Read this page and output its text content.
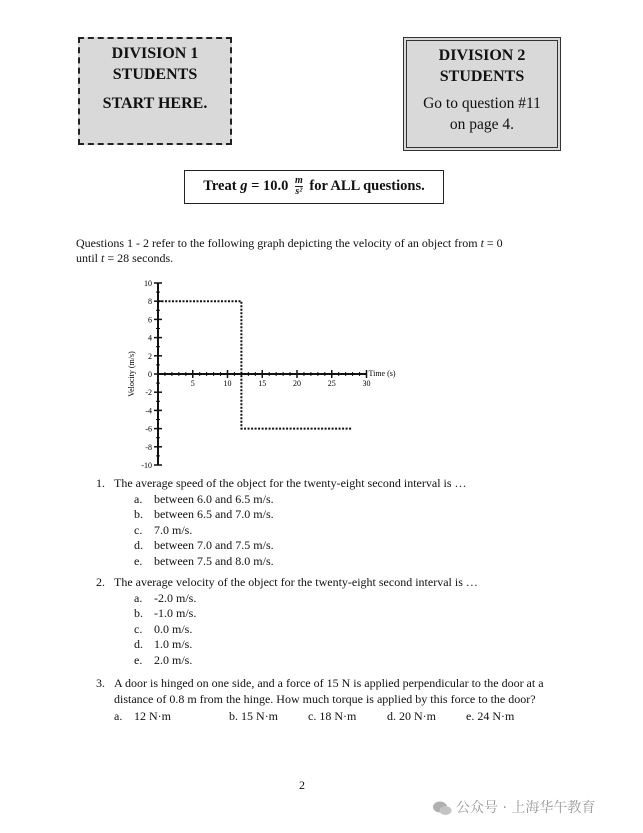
DIVISION 1
STUDENTS
START HERE.
DIVISION 2
STUDENTS
Go to question #11
on page 4.
Treat $g = 10.0 \frac{m}{\text{s²}}$ for ALL questions.
Questions 1 - 2 refer to the following graph depicting the velocity of an object from t = 0
until t = 28 seconds.
10
8
6
4
2
0
-2
-4
-6
-8
-10
5	10	15	20	25	30
Time (s)
Velocity (m/s)
1. The average speed of the object for the twenty-eight second interval is …
a. between 6.0 and 6.5 m/s.
b. between 6.5 and 7.0 m/s.
c. 7.0 m/s.
d. between 7.0 and 7.5 m/s.
e. between 7.5 and 8.0 m/s.
2. The average velocity of the object for the twenty-eight second interval is …
a. -2.0 m/s.
b. -1.0 m/s.
c. 0.0 m/s.
d. 1.0 m/s.
e. 2.0 m/s.
3. A door is hinged on one side, and a force of 15 N is applied perpendicular to the door at a distance of 0.8 m from the hinge. How much torque is applied by this force to the door?
a. 12 N·m	b. 15 N·m	c. 18 N·m	d. 20 N·m	e. 24 N·m
2
公众号 · 上海华午教育
